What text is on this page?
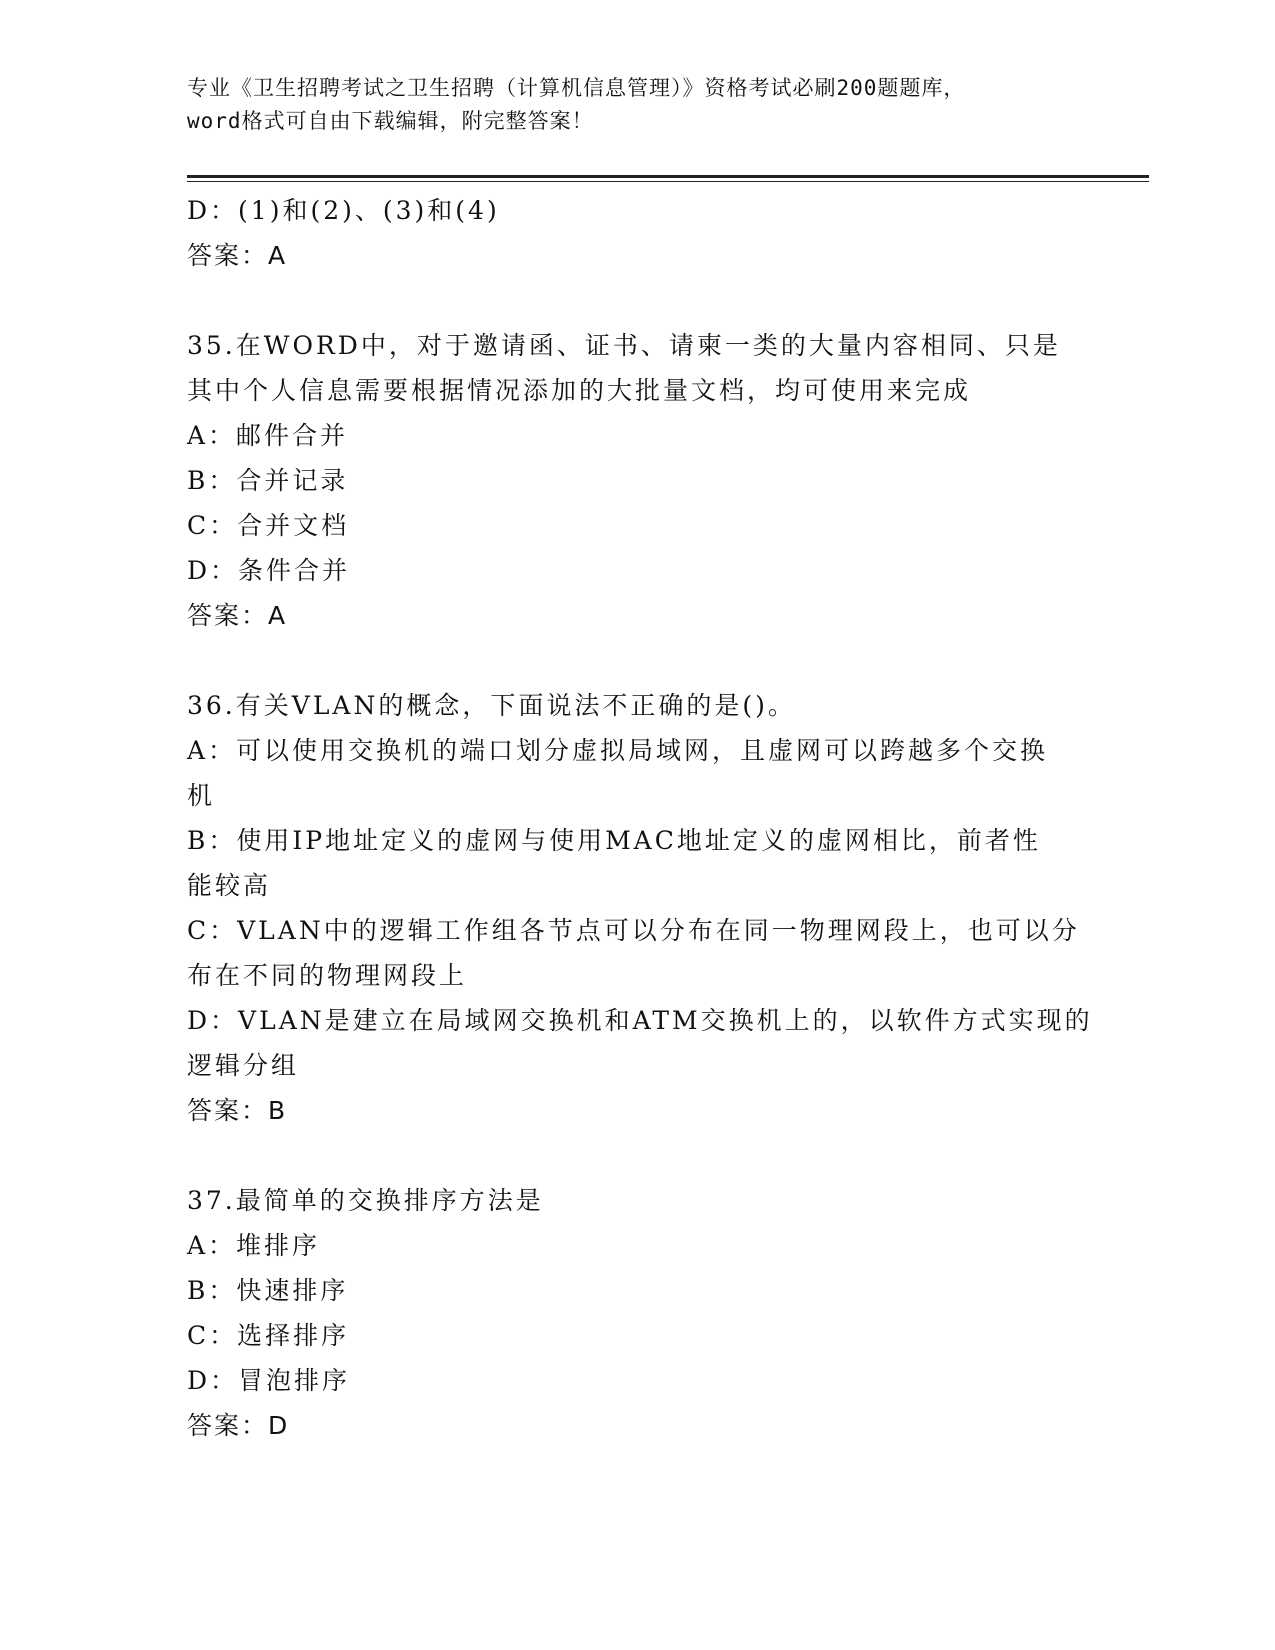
专业《卫生招聘考试之卫生招聘（计算机信息管理）》资格考试必刷200题题库，
word格式可自由下载编辑，附完整答案！
D：(1)和(2)、(3)和(4)
答案：A
35.在WORD中，对于邀请函、证书、请柬一类的大量内容相同、只是
其中个人信息需要根据情况添加的大批量文档，均可使用来完成
A：邮件合并
B：合并记录
C：合并文档
D：条件合并
答案：A
36.有关VLAN的概念，下面说法不正确的是()。
A：可以使用交换机的端口划分虚拟局域网，且虚网可以跨越多个交换
机
B：使用IP地址定义的虚网与使用MAC地址定义的虚网相比，前者性
能较高
C：VLAN中的逻辑工作组各节点可以分布在同一物理网段上，也可以分
布在不同的物理网段上
D：VLAN是建立在局域网交换机和ATM交换机上的，以软件方式实现的
逻辑分组
答案：B
37.最简单的交换排序方法是
A：堆排序
B：快速排序
C：选择排序
D：冒泡排序
答案：D
